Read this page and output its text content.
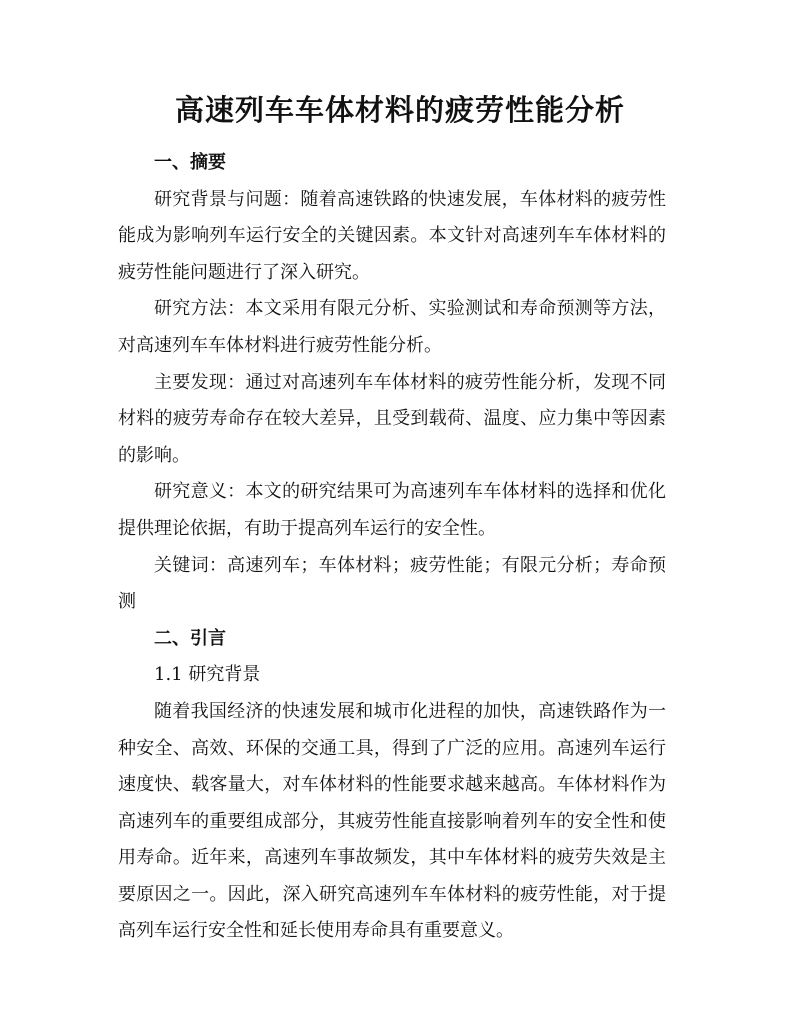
高速列车车体材料的疲劳性能分析

一、摘要

研究背景与问题：随着高速铁路的快速发展，车体材料的疲劳性能成为影响列车运行安全的关键因素。本文针对高速列车车体材料的疲劳性能问题进行了深入研究。

研究方法：本文采用有限元分析、实验测试和寿命预测等方法，对高速列车车体材料进行疲劳性能分析。

主要发现：通过对高速列车车体材料的疲劳性能分析，发现不同材料的疲劳寿命存在较大差异，且受到载荷、温度、应力集中等因素的影响。

研究意义：本文的研究结果可为高速列车车体材料的选择和优化提供理论依据，有助于提高列车运行的安全性。

关键词：高速列车；车体材料；疲劳性能；有限元分析；寿命预测

二、引言

1.1 研究背景

随着我国经济的快速发展和城市化进程的加快，高速铁路作为一种安全、高效、环保的交通工具，得到了广泛的应用。高速列车运行速度快、载客量大，对车体材料的性能要求越来越高。车体材料作为高速列车的重要组成部分，其疲劳性能直接影响着列车的安全性和使用寿命。近年来，高速列车事故频发，其中车体材料的疲劳失效是主要原因之一。因此，深入研究高速列车车体材料的疲劳性能，对于提高列车运行安全性和延长使用寿命具有重要意义。
